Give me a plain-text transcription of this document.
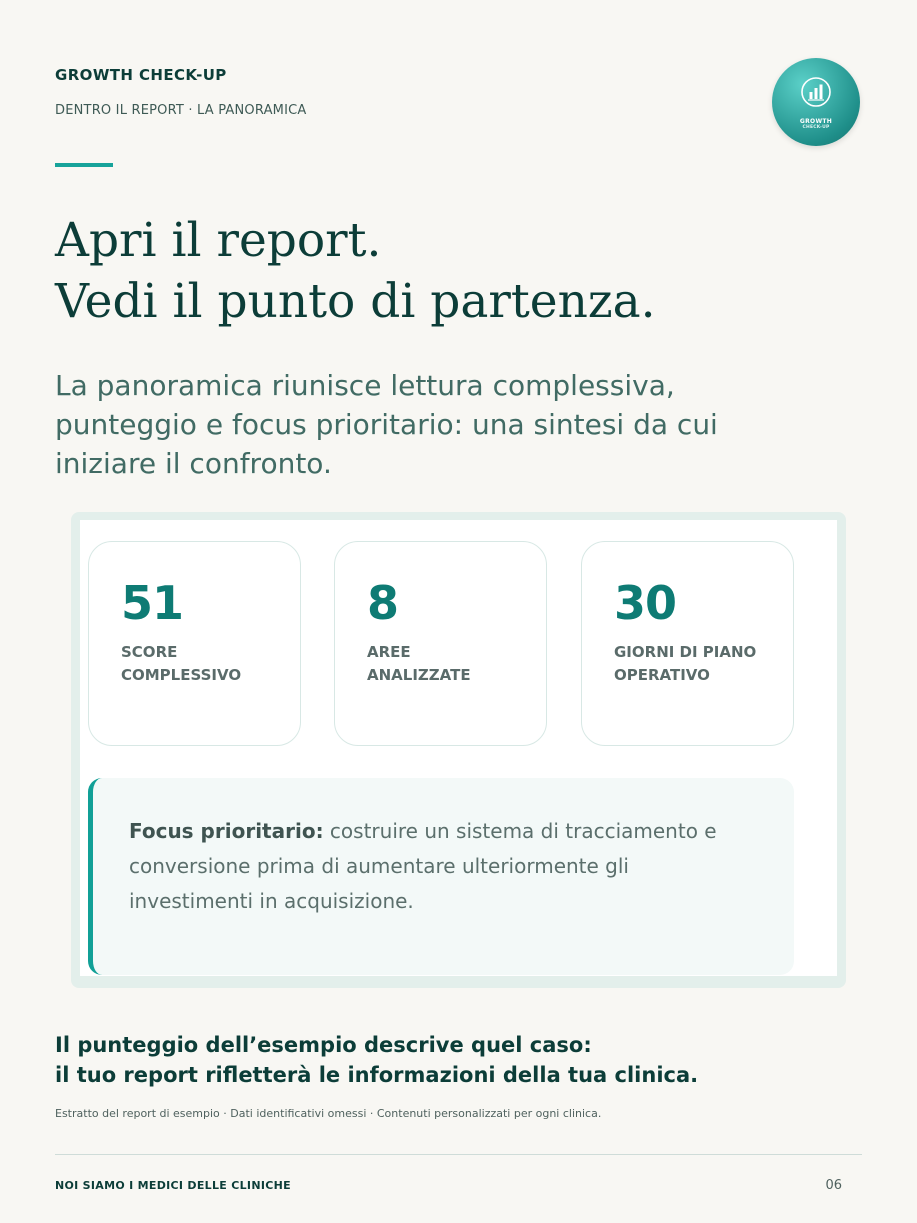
GROWTH CHECK-UP
DENTRO IL REPORT · LA PANORAMICA
GROWTH
CHECK-UP
Apri il report.
Vedi il punto di partenza.
La panoramica riunisce lettura complessiva,
punteggio e focus prioritario: una sintesi da cui
iniziare il confronto.
51
SCORE
COMPLESSIVO
8
AREE
ANALIZZATE
30
GIORNI DI PIANO
OPERATIVO
Focus prioritario: costruire un sistema di tracciamento e
conversione prima di aumentare ulteriormente gli
investimenti in acquisizione.
Il punteggio dell’esempio descrive quel caso:
il tuo report rifletterà le informazioni della tua clinica.
Estratto del report di esempio · Dati identificativi omessi · Contenuti personalizzati per ogni clinica.
NOI SIAMO I MEDICI DELLE CLINICHE	06
